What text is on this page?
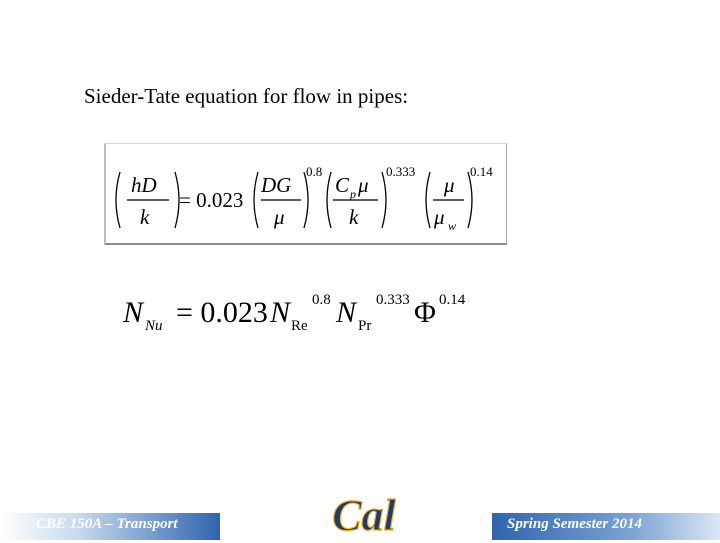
Sieder-Tate equation for flow in pipes:
hD
k
= 0.023
DG
μ
0.8
C p μ
k
0.333
μ
μ w
0.14
N Nu = 0.023 N Re
0.8 N Pr
0.333 Φ 0.14
CBE 150A – Transport	Cal	Spring Semester 2014
